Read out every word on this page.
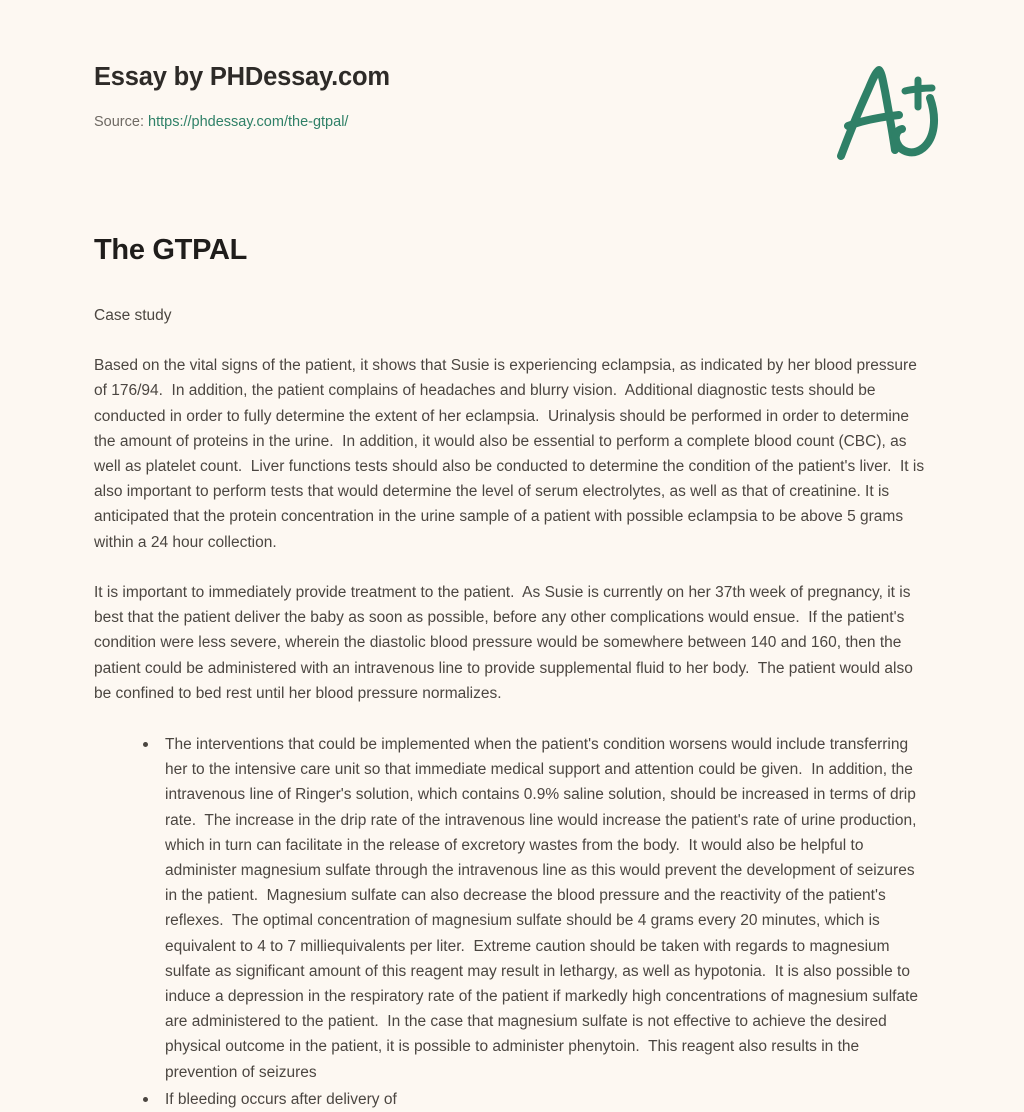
Essay by PHDessay.com
Source: https://phdessay.com/the-gtpal/
The GTPAL
Case study

Based on the vital signs of the patient, it shows that Susie is experiencing eclampsia, as indicated by her blood pressure of 176/94.  In addition, the patient complains of headaches and blurry vision.  Additional diagnostic tests should be conducted in order to fully determine the extent of her eclampsia.  Urinalysis should be performed in order to determine the amount of proteins in the urine.  In addition, it would also be essential to perform a complete blood count (CBC), as well as platelet count.  Liver functions tests should also be conducted to determine the condition of the patient's liver.  It is also important to perform tests that would determine the level of serum electrolytes, as well as that of creatinine. It is anticipated that the protein concentration in the urine sample of a patient with possible eclampsia to be above 5 grams within a 24 hour collection.

It is important to immediately provide treatment to the patient.  As Susie is currently on her 37th week of pregnancy, it is best that the patient deliver the baby as soon as possible, before any other complications would ensue.  If the patient's condition were less severe, wherein the diastolic blood pressure would be somewhere between 140 and 160, then the patient could be administered with an intravenous line to provide supplemental fluid to her body.  The patient would also be confined to bed rest until her blood pressure normalizes.

The interventions that could be implemented when the patient's condition worsens would include transferring her to the intensive care unit so that immediate medical support and attention could be given.  In addition, the intravenous line of Ringer's solution, which contains 0.9% saline solution, should be increased in terms of drip rate.  The increase in the drip rate of the intravenous line would increase the patient's rate of urine production, which in turn can facilitate in the release of excretory wastes from the body.  It would also be helpful to administer magnesium sulfate through the intravenous line as this would prevent the development of seizures in the patient.  Magnesium sulfate can also decrease the blood pressure and the reactivity of the patient's reflexes.  The optimal concentration of magnesium sulfate should be 4 grams every 20 minutes, which is equivalent to 4 to 7 milliequivalents per liter.  Extreme caution should be taken with regards to magnesium sulfate as significant amount of this reagent may result in lethargy, as well as hypotonia.  It is also possible to induce a depression in the respiratory rate of the patient if markedly high concentrations of magnesium sulfate are administered to the patient.  In the case that magnesium sulfate is not effective to achieve the desired physical outcome in the patient, it is possible to administer phenytoin.  This reagent also results in the prevention of seizures
If bleeding occurs after delivery of
